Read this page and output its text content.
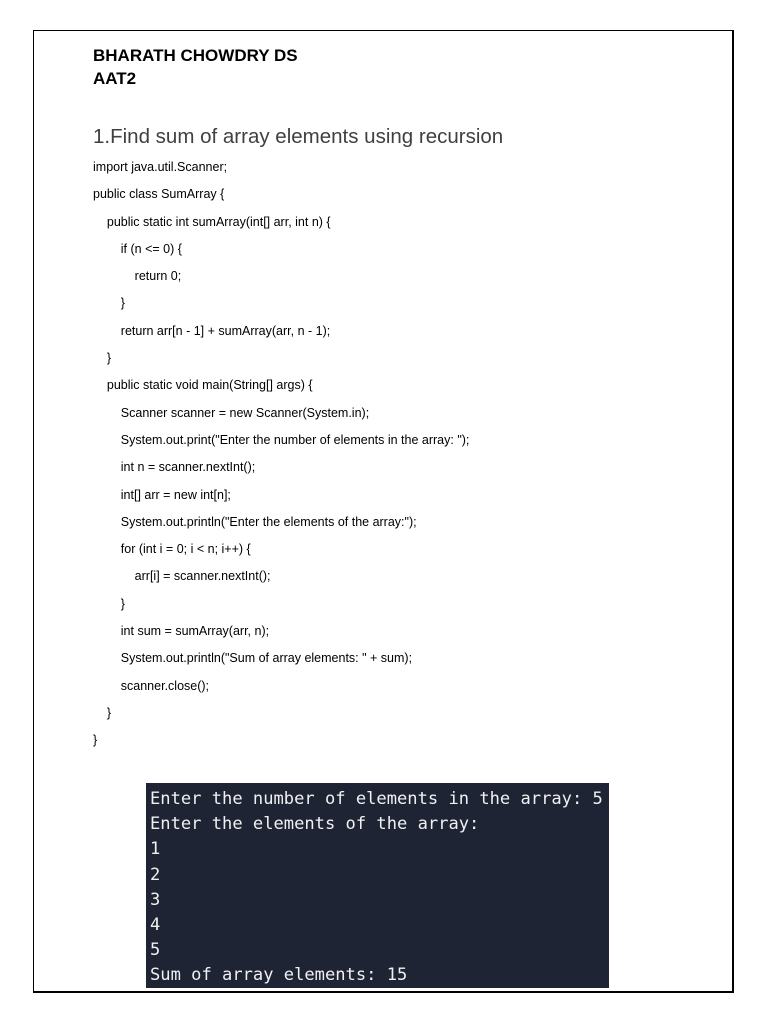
BHARATH CHOWDRY DS
AAT2
1.Find sum of array elements using recursion
import java.util.Scanner;
public class SumArray {
public static int sumArray(int[] arr, int n) {
if (n <= 0) {
return 0;
}
return arr[n - 1] + sumArray(arr, n - 1);
}
public static void main(String[] args) {
Scanner scanner = new Scanner(System.in);
System.out.print("Enter the number of elements in the array: ");
int n = scanner.nextInt();
int[] arr = new int[n];
System.out.println("Enter the elements of the array:");
for (int i = 0; i < n; i++) {
arr[i] = scanner.nextInt();
}
int sum = sumArray(arr, n);
System.out.println("Sum of array elements: " + sum);
scanner.close();
}
}
Enter the number of elements in the array: 5
Enter the elements of the array:
1
2
3
4
5
Sum of array elements: 15
